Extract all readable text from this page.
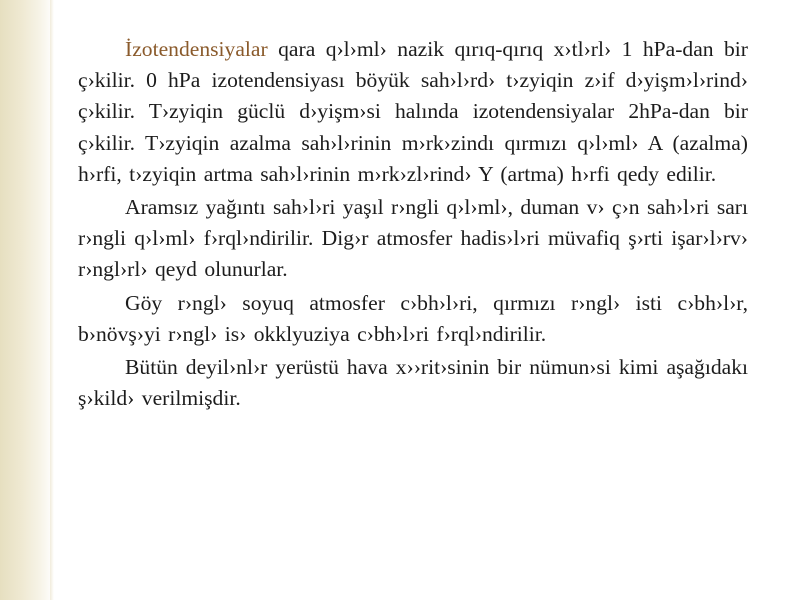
İzotendensiyalar qara q›l›ml› nazik qırıq-qırıq x›tl›rl› 1 hPa-dan bir ç›kilir. 0 hPa izotendensiyası böyük sah›l›rd› t›zyiqin z›if d›yişm›l›rind› ç›kilir. T›zyiqin güclü d›yişm›si halında izotendensiyalar 2hPa-dan bir ç›kilir. T›zyiqin azalma sah›l›rinin m›rk›zindı qırmızı q›l›ml› A (azalma) h›rfi, t›zyiqin artma sah›l›rinin m›rk›zl›rind› Y (artma) h›rfi qedy edilir.

Aramsız yağıntı sah›l›ri yaşıl r›ngli q›l›ml›, duman v› ç›n sah›l›ri sarı r›ngli q›l›ml› f›rql›ndirilir. Dig›r atmosfer hadis›l›ri müvafiq ş›rti işar›l›rv› r›ngl›rl› qeyd olunurlar.

Göy r›ngl› soyuq atmosfer c›bh›l›ri, qırmızı r›ngl› isti c›bh›l›r, b›növş›yi r›ngl› is› okklyuziya c›bh›l›ri f›rql›ndirilir.

Bütün deyil›nl›r yerüstü hava x››rit›sinin bir nümun›si kimi aşağıdakı ş›kild› verilmişdir.
